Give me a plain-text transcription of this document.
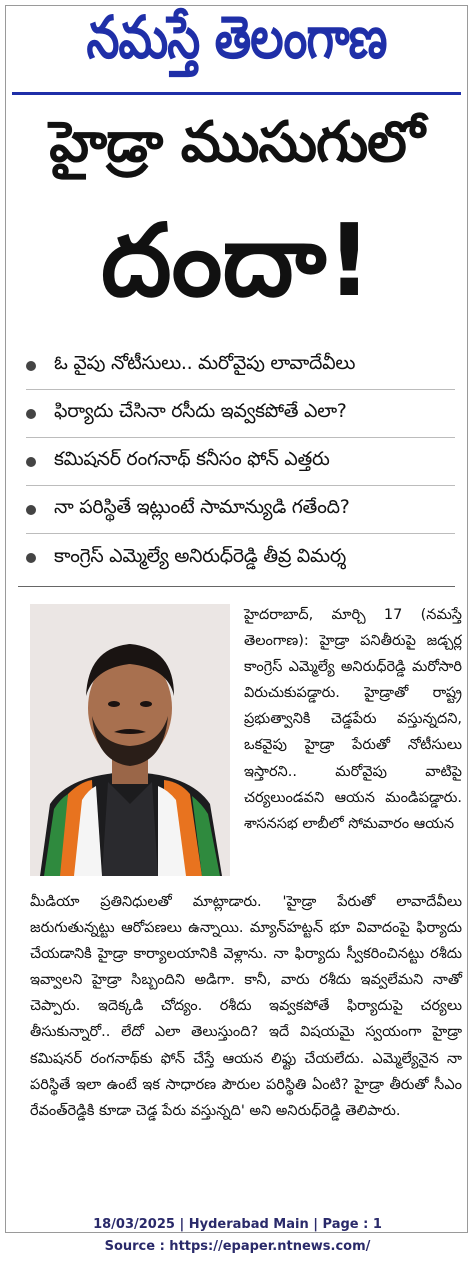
నమస్తే తెలంగాణ
హైడ్రా ముసుగులో
దందా!
ఓ వైపు నోటీసులు.. మరోవైపు లావాదేవీలు
ఫిర్యాదు చేసినా రసీదు ఇవ్వకపోతే ఎలా?
కమిషనర్ రంగనాథ్ కనీసం ఫోన్ ఎత్తరు
నా పరిస్థితే ఇట్లుంటే సామాన్యుడి గతేంది?
కాంగ్రెస్ ఎమ్మెల్యే అనిరుధ్‌రెడ్డి తీవ్ర విమర్శ
హైదరాబాద్, మార్చి 17 (నమస్తే తెలంగాణ): హైడ్రా పనితీరుపై జడ్చర్ల కాంగ్రెస్ ఎమ్మెల్యే అనిరుధ్‌రెడ్డి మరోసారి విరుచుకుపడ్డారు. హైడ్రాతో రాష్ట్ర ప్రభుత్వానికి చెడ్డపేరు వస్తున్నదని, ఒకవైపు హైడ్రా పేరుతో నోటీసులు ఇస్తారని.. మరోవైపు వాటిపై చర్యలుండవని ఆయన మండిపడ్డారు. శాసనసభ లాబీలో సోమవారం ఆయన
మీడియా ప్రతినిధులతో మాట్లాడారు. 'హైడ్రా పేరుతో లావాదేవీలు జరుగుతున్నట్టు ఆరోపణలు ఉన్నాయి. మ్యాన్‌హట్టన్ భూ వివాదంపై ఫిర్యాదు చేయడానికి హైడ్రా కార్యాలయానికి వెళ్లాను. నా ఫిర్యాదు స్వీకరించినట్టు రశీదు ఇవ్వాలని హైడ్రా సిబ్బందిని అడిగా. కానీ, వారు రశీదు ఇవ్వలేమని నాతో చెప్పారు. ఇదెక్కడి చోద్యం. రశీదు ఇవ్వకపోతే ఫిర్యాదుపై చర్యలు తీసుకున్నారో.. లేదో ఎలా తెలుస్తుంది? ఇదే విషయమై స్వయంగా హైడ్రా కమిషనర్ రంగనాథ్‌కు ఫోన్ చేస్తే ఆయన లిఫ్టు చేయలేదు. ఎమ్మెల్యేనైన నా పరిస్థితే ఇలా ఉంటే ఇక సాధారణ పౌరుల పరిస్థితి ఏంటి? హైడ్రా తీరుతో సీఎం రేవంత్‌రెడ్డికి కూడా చెడ్డ పేరు వస్తున్నది' అని అనిరుధ్‌రెడ్డి తెలిపారు.
18/03/2025 | Hyderabad Main | Page : 1
Source : https://epaper.ntnews.com/
